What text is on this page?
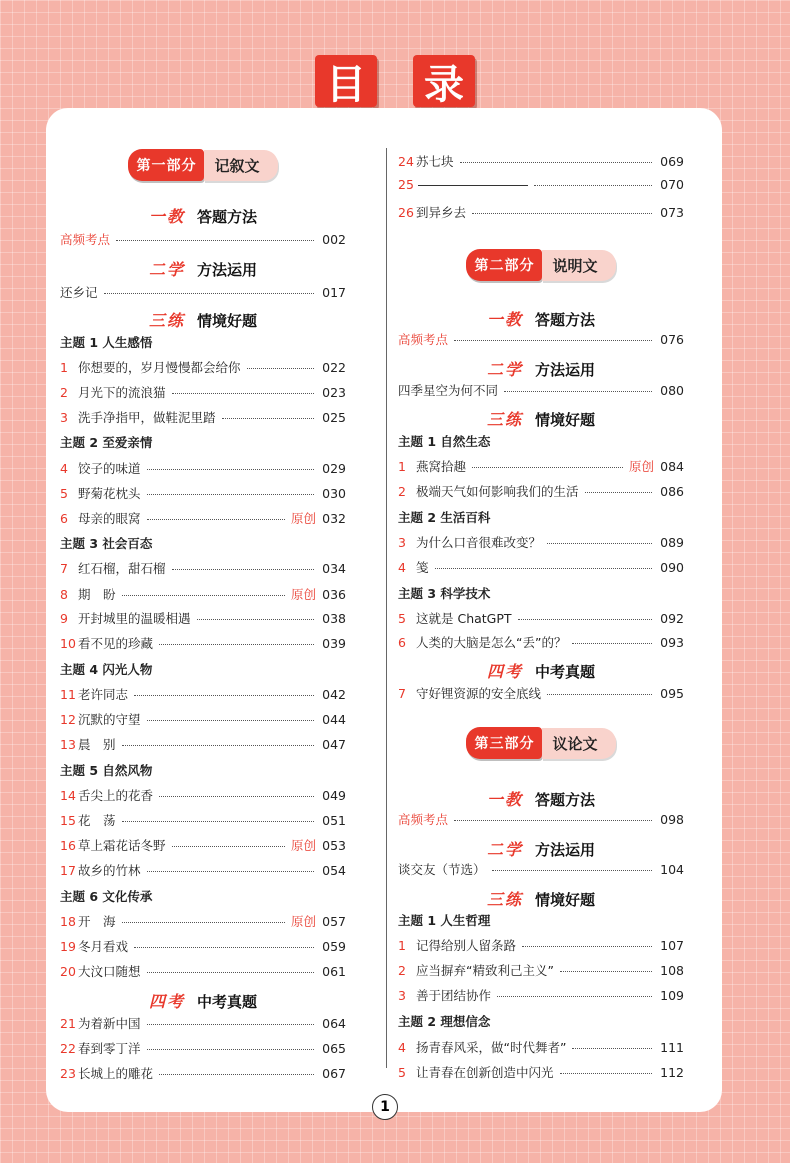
目 录
第一部分	记叙文
一教 答题方法
高频考点	002
二学 方法运用
还乡记	017
三练 情境好题
主题 1 人生感悟
1 你想要的，岁月慢慢都会给你	022
2 月光下的流浪猫	023
3 洗手净指甲，做鞋泥里踏	025
主题 2 至爱亲情
4 饺子的味道	029
5 野菊花枕头	030
6 母亲的眼窝	原创 032
主题 3 社会百态
7 红石榴，甜石榴	034
8 期　盼	原创 036
9 开封城里的温暖相遇	038
10 看不见的珍藏	039
主题 4 闪光人物
11 老许同志	042
12 沉默的守望	044
13 晨　别	047
主题 5 自然风物
14 舌尖上的花香	049
15 花　荡	051
16 草上霜花话冬野	原创 053
17 故乡的竹林	054
主题 6 文化传承
18 开　海	原创 057
19 冬月看戏	059
20 大汶口随想	061
四考 中考真题
21 为着新中国	064
22 春到零丁洋	065
23 长城上的雕花	067
24 苏七块	069
25	070
26 到异乡去	073
第二部分	说明文
一教 答题方法
高频考点	076
二学 方法运用
四季星空为何不同	080
三练 情境好题
主题 1 自然生态
1 燕窝拾趣	原创 084
2 极端天气如何影响我们的生活	086
主题 2 生活百科
3 为什么口音很难改变？	089
4 笺	090
主题 3 科学技术
5 这就是 ChatGPT	092
6 人类的大脑是怎么“丢”的？	093
四考 中考真题
7 守好锂资源的安全底线	095
第三部分	议论文
一教 答题方法
高频考点	098
二学 方法运用
谈交友（节选）	104
三练 情境好题
主题 1 人生哲理
1 记得给别人留条路	107
2 应当摒弃“精致利己主义”	108
3 善于团结协作	109
主题 2 理想信念
4 扬青春风采，做“时代舞者”	111
5 让青春在创新创造中闪光	112
1
